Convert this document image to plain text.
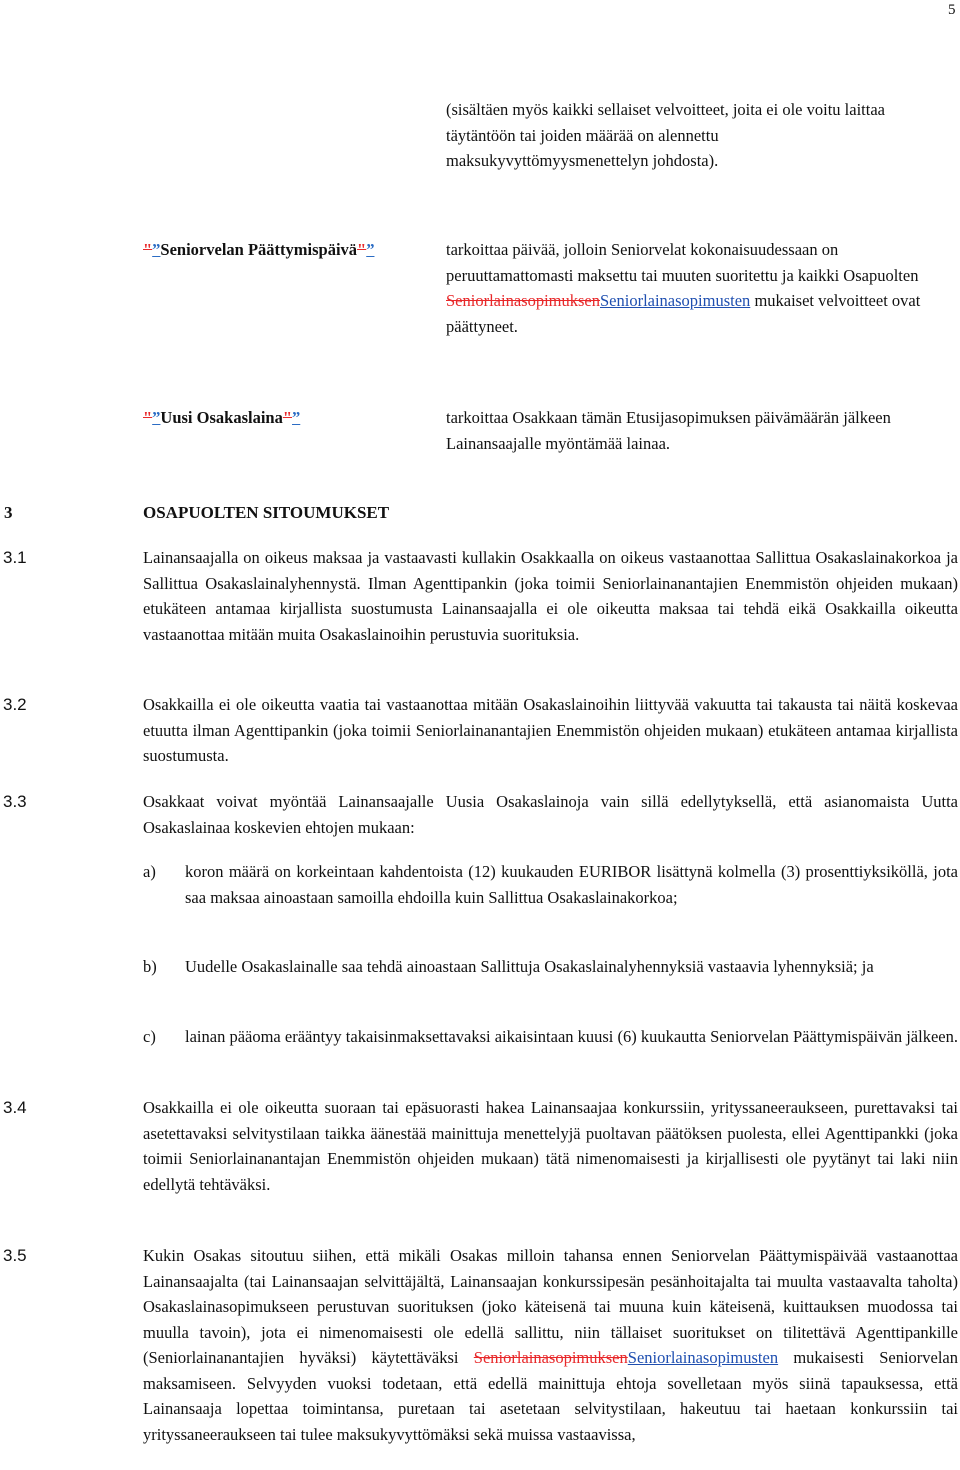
5
(sisältäen myös kaikki sellaiset velvoitteet, joita ei ole voitu laittaa täytäntöön tai joiden määrää on alennettu maksukyvyttömyysmenettelyn johdosta).
"”Seniorvelan Päättymispäivä"”	tarkoittaa päivää, jolloin Seniorvelat kokonaisuudessaan on peruuttamattomasti maksettu tai muuten suoritettu ja kaikki Osapuolten SeniorlainasopimuksenSeniorlainasopimusten mukaiset velvoitteet ovat päättyneet.
"”Uusi Osakaslaina"”	tarkoittaa Osakkaan tämän Etusijasopimuksen päivämäärän jälkeen Lainansaajalle myöntämää lainaa.
3	OSAPUOLTEN SITOUMUKSET
3.1	Lainansaajalla on oikeus maksaa ja vastaavasti kullakin Osakkaalla on oikeus vastaanottaa Sallittua Osakaslainakorkoa ja Sallittua Osakaslainalyhennystä. Ilman Agenttipankin (joka toimii Seniorlainanantajien Enemmistön ohjeiden mukaan) etukäteen antamaa kirjallista suostumusta Lainansaajalla ei ole oikeutta maksaa tai tehdä eikä Osakkailla oikeutta vastaanottaa mitään muita Osakaslainoihin perustuvia suorituksia.
3.2	Osakkailla ei ole oikeutta vaatia tai vastaanottaa mitään Osakaslainoihin liittyvää vakuutta tai takausta tai näitä koskevaa etuutta ilman Agenttipankin (joka toimii Seniorlainanantajien Enemmistön ohjeiden mukaan) etukäteen antamaa kirjallista suostumusta.
3.3	Osakkaat voivat myöntää Lainansaajalle Uusia Osakaslainoja vain sillä edellytyksellä, että asianomaista Uutta Osakaslainaa koskevien ehtojen mukaan:
a) koron määrä on korkeintaan kahdentoista (12) kuukauden EURIBOR lisättynä kolmella (3) prosenttiyksiköllä, jota saa maksaa ainoastaan samoilla ehdoilla kuin Sallittua Osakaslainakorkoa;
b) Uudelle Osakaslainalle saa tehdä ainoastaan Sallittuja Osakaslainalyhennyksiä vastaavia lyhennyksiä; ja
c) lainan pääoma erääntyy takaisinmaksettavaksi aikaisintaan kuusi (6) kuukautta Seniorvelan Päättymispäivän jälkeen.
3.4	Osakkailla ei ole oikeutta suoraan tai epäsuorasti hakea Lainansaajaa konkurssiin, yrityssaneeraukseen, purettavaksi tai asetettavaksi selvitystilaan taikka äänestää mainittuja menettelyjä puoltavan päätöksen puolesta, ellei Agenttipankki (joka toimii Seniorlainanantajan Enemmistön ohjeiden mukaan) tätä nimenomaisesti ja kirjallisesti ole pyytänyt tai laki niin edellytä tehtäväksi.
3.5	Kukin Osakas sitoutuu siihen, että mikäli Osakas milloin tahansa ennen Seniorvelan Päättymispäivää vastaanottaa Lainansaajalta (tai Lainansaajan selvittäjältä, Lainansaajan konkurssipesän pesänhoitajalta tai muulta vastaavalta taholta) Osakaslainasopimukseen perustuvan suorituksen (joko käteisenä tai muuna kuin käteisenä, kuittauksen muodossa tai muulla tavoin), jota ei nimenomaisesti ole edellä sallittu, niin tällaiset suoritukset on tilitettävä Agenttipankille (Seniorlainanantajien hyväksi) käytettäväksi SeniorlainasopimuksenSeniorlainasopimusten mukaisesti Seniorvelan maksamiseen. Selvyyden vuoksi todetaan, että edellä mainittuja ehtoja sovelletaan myös siinä tapauksessa, että Lainansaaja lopettaa toimintansa, puretaan tai asetetaan selvitystilaan, hakeutuu tai haetaan konkurssiin tai yrityssaneeraukseen tai tulee maksukyvyttömäksi sekä muissa vastaavissa,
